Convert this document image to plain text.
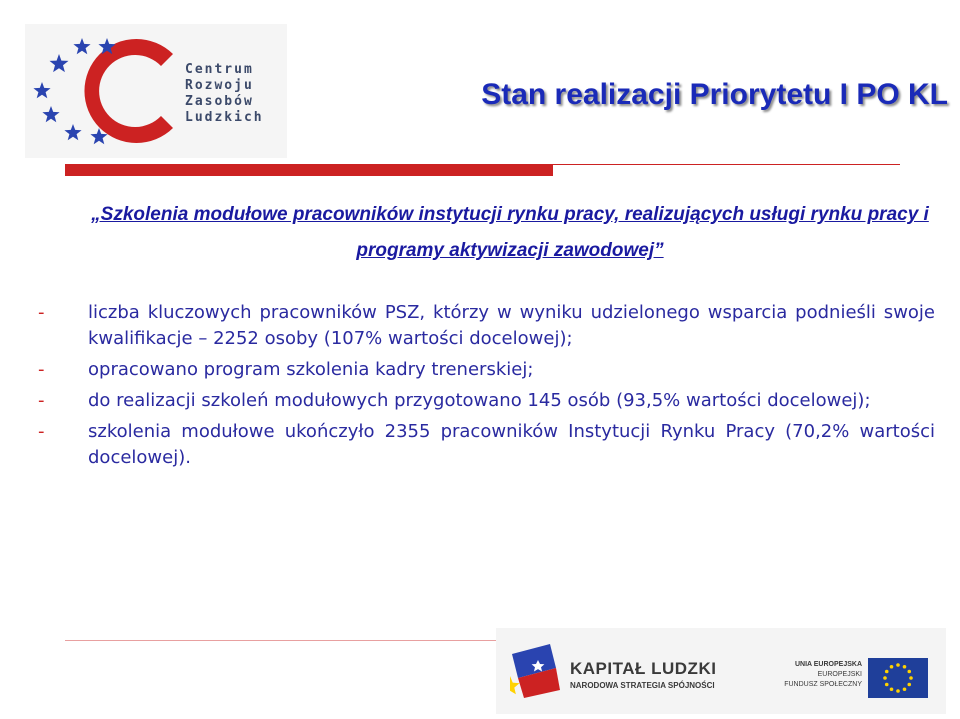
Centrum
Rozwoju
Zasobów
Ludzkich
Stan realizacji Priorytetu I PO KL
„Szkolenia modułowe pracowników instytucji rynku pracy, realizujących usługi rynku pracy i programy aktywizacji zawodowej”
- liczba kluczowych pracowników PSZ, którzy w wyniku udzielonego wsparcia podnieśli swoje kwalifikacje – 2252 osoby (107% wartości docelowej);
- opracowano program szkolenia kadry trenerskiej;
- do realizacji szkoleń modułowych przygotowano 145 osób (93,5% wartości docelowej);
- szkolenia modułowe ukończyło 2355 pracowników Instytucji Rynku Pracy (70,2% wartości docelowej).
KAPITAŁ LUDZKI
NARODOWA STRATEGIA SPÓJNOŚCI
UNIA EUROPEJSKA
EUROPEJSKI
FUNDUSZ SPOŁECZNY
